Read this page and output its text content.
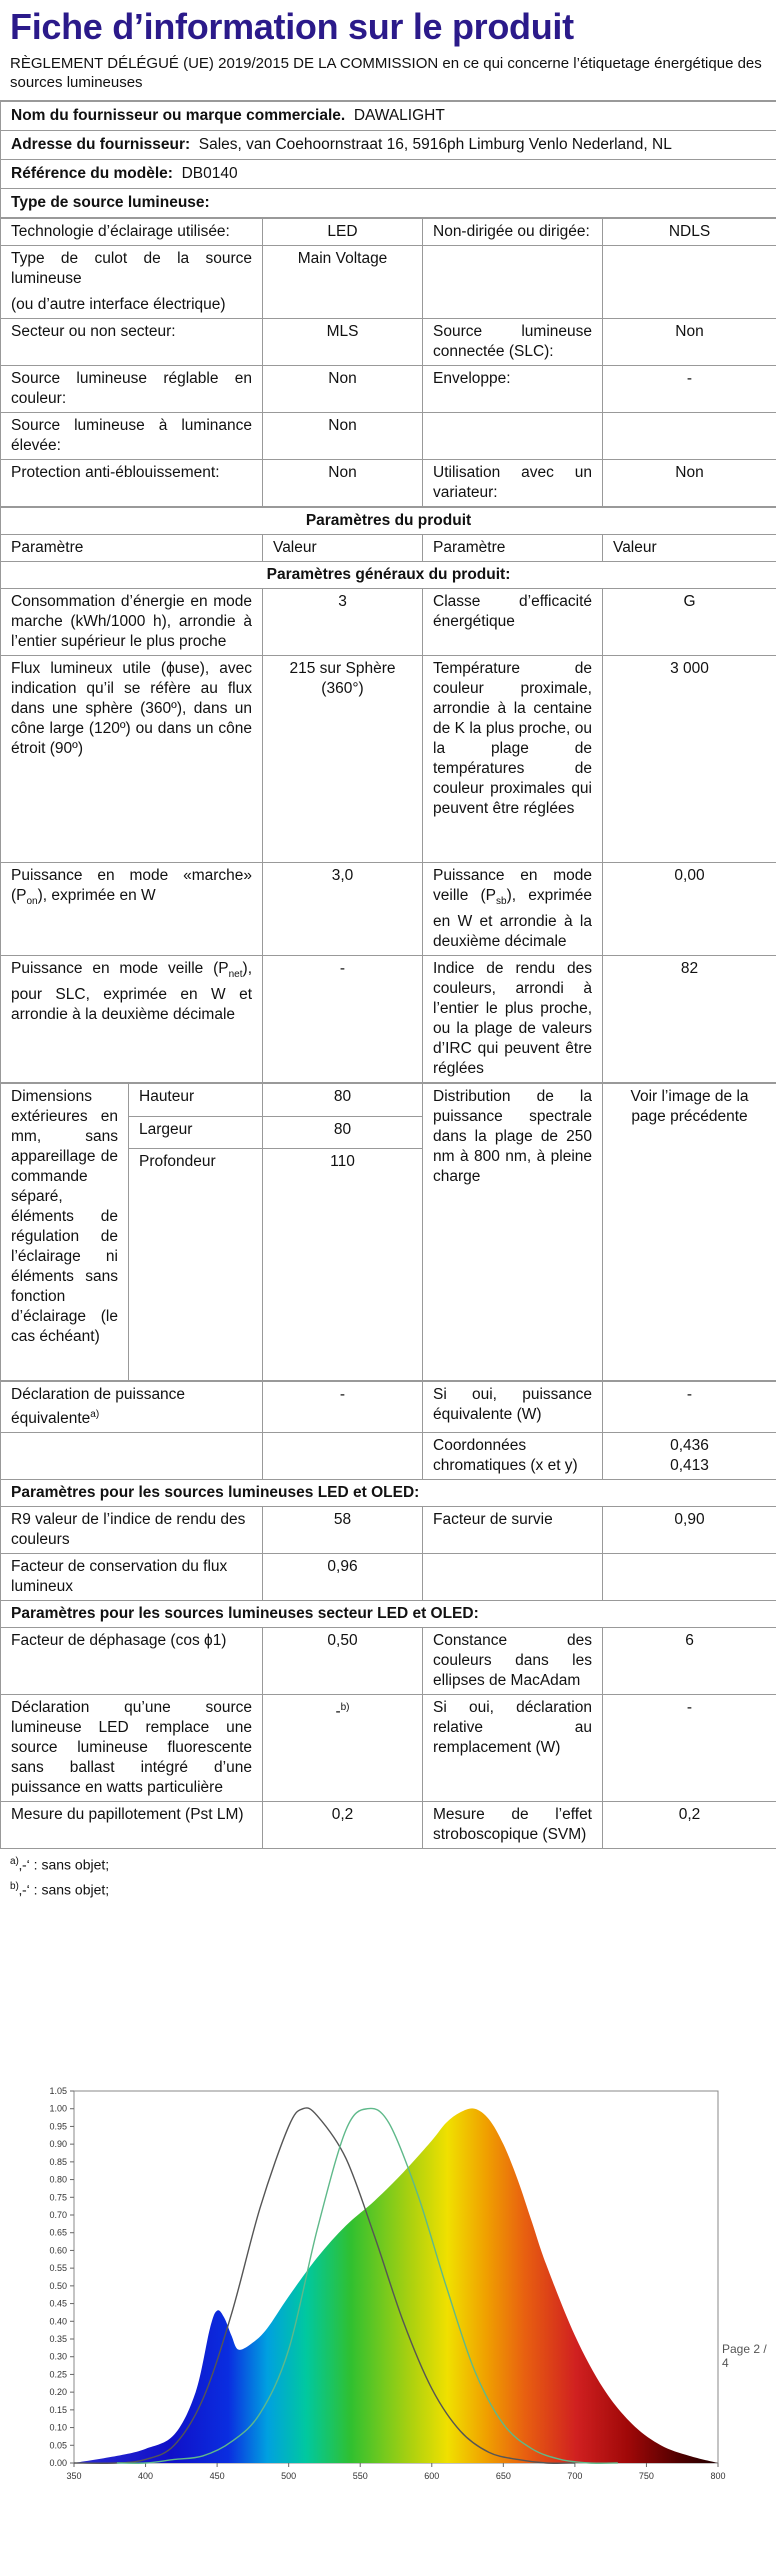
Fiche d’information sur le produit
RÈGLEMENT DÉLÉGUÉ (UE) 2019/2015 DE LA COMMISSION en ce qui concerne l’étiquetage énergétique des sources lumineuses
Nom du fournisseur ou marque commerciale. DAWALIGHT
Adresse du fournisseur: Sales, van Coehoornstraat 16, 5916ph Limburg Venlo Nederland, NL
Référence du modèle: DB0140
Type de source lumineuse:
Technologie d’éclairage utilisée:	LED	Non-dirigée ou dirigée:	NDLS

Type de culot de la source lumineuse
(ou d’autre interface électrique)	Main Voltage		
Secteur ou non secteur:	MLS	Source lumineuse connectée (SLC):	Non
Source lumineuse réglable en couleur:	Non	Enveloppe:	-
Source lumineuse à luminance élevée:	Non		
Protection anti-éblouissement:	Non	Utilisation avec un variateur:	Non
Paramètres du produit			
Paramètre	Valeur	Paramètre	Valeur
Paramètres généraux du produit:			
Consommation d’énergie en mode marche (kWh/1000 h), arrondie à l’entier supérieur le plus proche	3	Classe d’efficacité énergétique	G
Flux lumineux utile (ϕuse), avec indication qu’il se réfère au flux dans une sphère (360º), dans un cône large (120º) ou dans un cône étroit (90º)	215 sur Sphère (360°)	Température de couleur proximale, arrondie à la centaine de K la plus proche, ou la plage de températures de couleur proximales qui peuvent être réglées	3 000
Puissance en mode «marche» $(P_{on})$, exprimée en W	3,0	Puissance en mode veille $(P_{sb})$, exprimée en W et arrondie à la deuxième décimale	0,00
Puissance en mode veille $(P_{net})$, pour SLC, exprimée en W et arrondie à la deuxième décimale	-	Indice de rendu des couleurs, arrondi à l’entier le plus proche, ou la plage de valeurs d’IRC qui peuvent être réglées	82
Dimensions extérieures en mm, sans appareillage de commande séparé, éléments de régulation de l’éclairage ni éléments sans fonction d’éclairage (le cas échéant)	Hauteur	80	Distribution de la puissance spectrale dans la plage de 250 nm à 800 nm, à pleine charge	Voir l’image de la page précédente
	Largeur	80		
	Profondeur	110		
Déclaration de puissance équivalente$^{a)}$	-	Si oui, puissance équivalente (W)	-
		Coordonnées chromatiques (x et y)	0,436
0,413

Paramètres pour les sources lumineuses LED et OLED:			
R9 valeur de l’indice de rendu des couleurs	58	Facteur de survie	0,90
Facteur de conservation du flux lumineux	0,96		
Paramètres pour les sources lumineuses secteur LED et OLED:			
Facteur de déphasage (cos ϕ1)	0,50	Constance des couleurs dans les ellipses de MacAdam	6
Déclaration qu’une source lumineuse LED remplace une source lumineuse fluorescente sans ballast intégré d’une puissance en watts particulière	-$^{b)}$	Si oui, déclaration relative au remplacement (W)	-
Mesure du papillotement (Pst LM)	0,2	Mesure de l’effet stroboscopique (SVM)	0,2
$^{a)}$‚-‘ : sans objet;
$^{b)}$‚-‘ : sans objet;
350	400	450	500	550	600	650	700	750	800
0.00
0.05
0.10
0.15
0.20
0.25
0.30
0.35
0.40
0.45
0.50
0.55
0.60
0.65
0.70
0.75
0.80
0.85
0.90
0.95
1.00
1.05
Page 2 / 4
